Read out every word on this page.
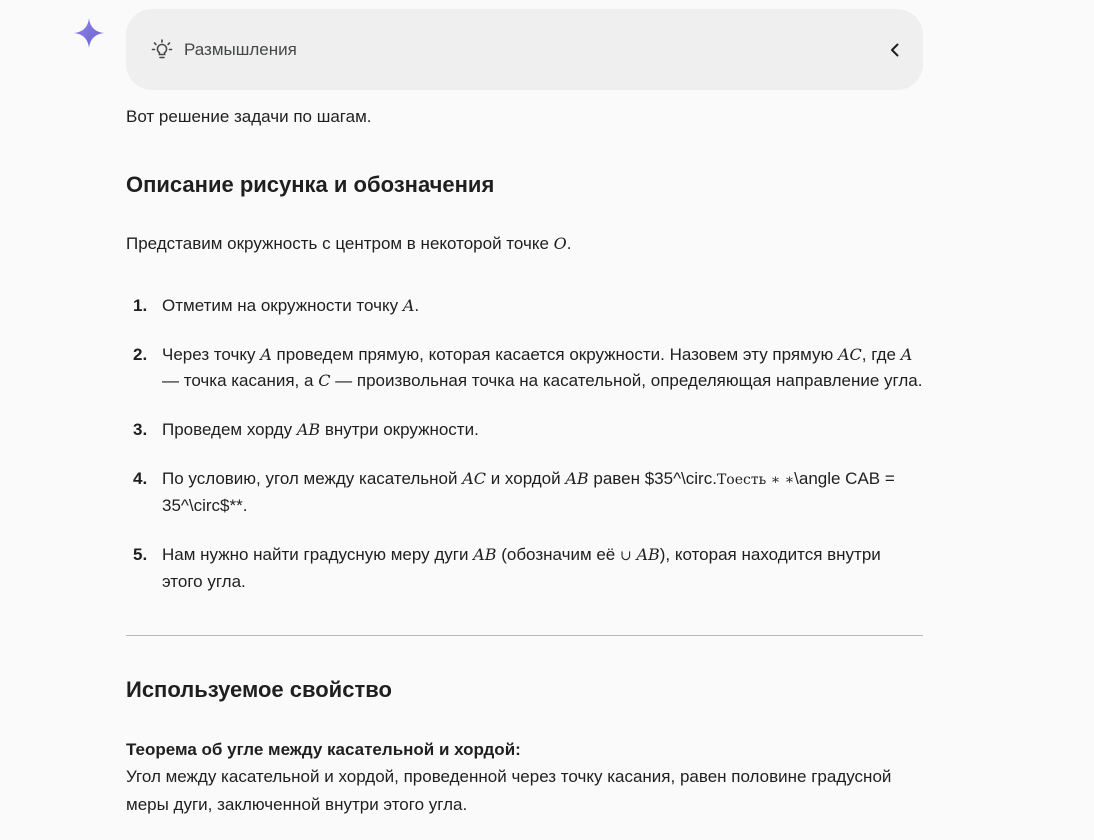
Размышления

Вот решение задачи по шагам.

Описание рисунка и обозначения

Представим окружность с центром в некоторой точке O.

1. Отметим на окружности точку A.
2. Через точку A проведем прямую, которая касается окружности. Назовем эту прямую AC, где A — точка касания, а C — произвольная точка на касательной, определяющая направление угла.
3. Проведем хорду AB внутри окружности.
4. По условию, угол между касательной AC и хордой AB равен $35^\circ.Тоесть ∗ ∗\angle CAB = 35^\circ$**.
5. Нам нужно найти градусную меру дуги AB (обозначим её ∪ AB), которая находится внутри этого угла.
Используемое свойство
Теорема об угле между касательной и хордой:

Угол между касательной и хордой, проведенной через точку касания, равен половине градусной меры дуги, заключенной внутри этого угла.
